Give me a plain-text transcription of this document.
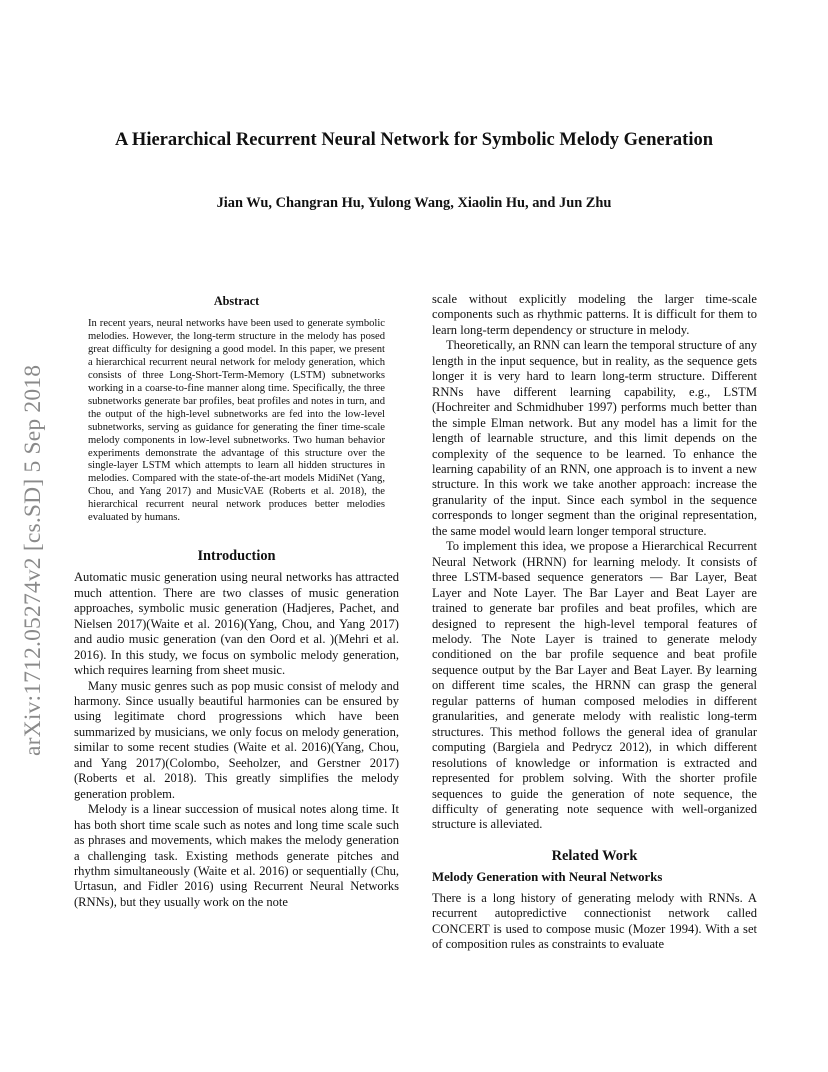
arXiv:1712.05274v2 [cs.SD] 5 Sep 2018
A Hierarchical Recurrent Neural Network for Symbolic Melody Generation
Jian Wu, Changran Hu, Yulong Wang, Xiaolin Hu, and Jun Zhu
Abstract
In recent years, neural networks have been used to generate symbolic melodies. However, the long-term structure in the melody has posed great difficulty for designing a good model. In this paper, we present a hierarchical recurrent neural network for melody generation, which consists of three Long-Short-Term-Memory (LSTM) subnetworks working in a coarse-to-fine manner along time. Specifically, the three subnetworks generate bar profiles, beat profiles and notes in turn, and the output of the high-level subnetworks are fed into the low-level subnetworks, serving as guidance for generating the finer time-scale melody components in low-level subnetworks. Two human behavior experiments demonstrate the advantage of this structure over the single-layer LSTM which attempts to learn all hidden structures in melodies. Compared with the state-of-the-art models MidiNet (Yang, Chou, and Yang 2017) and MusicVAE (Roberts et al. 2018), the hierarchical recurrent neural network produces better melodies evaluated by humans.
Introduction

Automatic music generation using neural networks has attracted much attention. There are two classes of music generation approaches, symbolic music generation (Hadjeres, Pachet, and Nielsen 2017)(Waite et al. 2016)(Yang, Chou, and Yang 2017) and audio music generation (van den Oord et al. )(Mehri et al. 2016). In this study, we focus on symbolic melody generation, which requires learning from sheet music.

Many music genres such as pop music consist of melody and harmony. Since usually beautiful harmonies can be ensured by using legitimate chord progressions which have been summarized by musicians, we only focus on melody generation, similar to some recent studies (Waite et al. 2016)(Yang, Chou, and Yang 2017)(Colombo, Seeholzer, and Gerstner 2017)(Roberts et al. 2018). This greatly simplifies the melody generation problem.

Melody is a linear succession of musical notes along time. It has both short time scale such as notes and long time scale such as phrases and movements, which makes the melody generation a challenging task. Existing methods generate pitches and rhythm simultaneously (Waite et al. 2016) or sequentially (Chu, Urtasun, and Fidler 2016) using Recurrent Neural Networks (RNNs), but they usually work on the note

scale without explicitly modeling the larger time-scale components such as rhythmic patterns. It is difficult for them to learn long-term dependency or structure in melody.

Theoretically, an RNN can learn the temporal structure of any length in the input sequence, but in reality, as the sequence gets longer it is very hard to learn long-term structure. Different RNNs have different learning capability, e.g., LSTM (Hochreiter and Schmidhuber 1997) performs much better than the simple Elman network. But any model has a limit for the length of learnable structure, and this limit depends on the complexity of the sequence to be learned. To enhance the learning capability of an RNN, one approach is to invent a new structure. In this work we take another approach: increase the granularity of the input. Since each symbol in the sequence corresponds to longer segment than the original representation, the same model would learn longer temporal structure.

To implement this idea, we propose a Hierarchical Recurrent Neural Network (HRNN) for learning melody. It consists of three LSTM-based sequence generators — Bar Layer, Beat Layer and Note Layer. The Bar Layer and Beat Layer are trained to generate bar profiles and beat profiles, which are designed to represent the high-level temporal features of melody. The Note Layer is trained to generate melody conditioned on the bar profile sequence and beat profile sequence output by the Bar Layer and Beat Layer. By learning on different time scales, the HRNN can grasp the general regular patterns of human composed melodies in different granularities, and generate melody with realistic long-term structures. This method follows the general idea of granular computing (Bargiela and Pedrycz 2012), in which different resolutions of knowledge or information is extracted and represented for problem solving. With the shorter profile sequences to guide the generation of note sequence, the difficulty of generating note sequence with well-organized structure is alleviated.

Related Work
Melody Generation with Neural Networks

There is a long history of generating melody with RNNs. A recurrent autopredictive connectionist network called CONCERT is used to compose music (Mozer 1994). With a set of composition rules as constraints to evaluate
